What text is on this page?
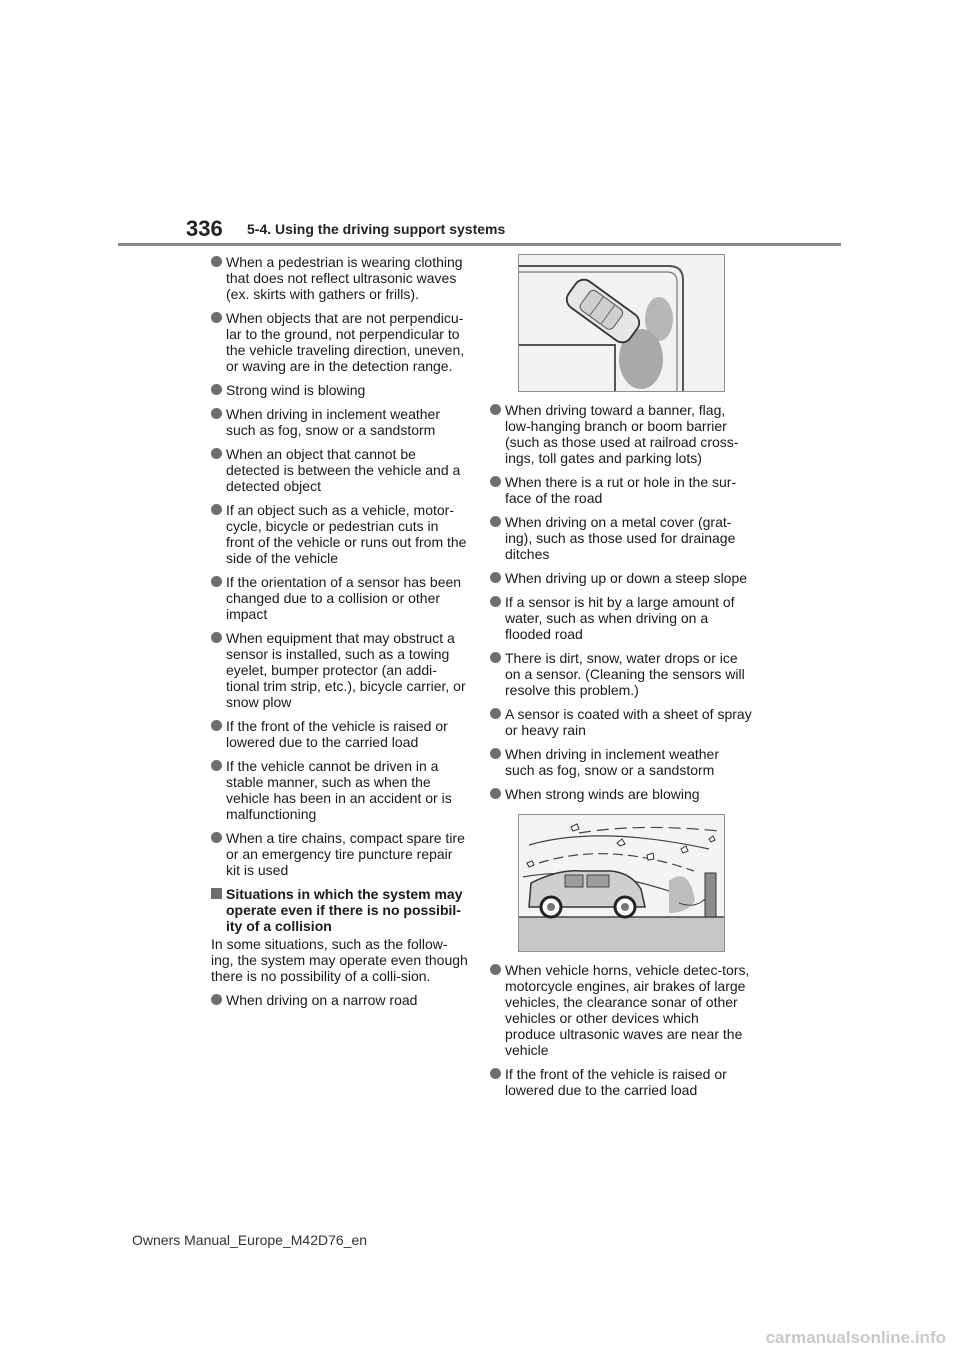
336 5-4. Using the driving support systems
When a pedestrian is wearing clothing that does not reflect ultrasonic waves (ex. skirts with gathers or frills).
When objects that are not perpendicu-lar to the ground, not perpendicular to the vehicle traveling direction, uneven, or waving are in the detection range.
Strong wind is blowing
When driving in inclement weather such as fog, snow or a sandstorm
When an object that cannot be detected is between the vehicle and a detected object
If an object such as a vehicle, motor-cycle, bicycle or pedestrian cuts in front of the vehicle or runs out from the side of the vehicle
If the orientation of a sensor has been changed due to a collision or other impact
When equipment that may obstruct a sensor is installed, such as a towing eyelet, bumper protector (an addi-tional trim strip, etc.), bicycle carrier, or snow plow
If the front of the vehicle is raised or lowered due to the carried load
If the vehicle cannot be driven in a stable manner, such as when the vehicle has been in an accident or is malfunctioning
When a tire chains, compact spare tire or an emergency tire puncture repair kit is used
Situations in which the system may operate even if there is no possibil-ity of a collision

In some situations, such as the follow-ing, the system may operate even though there is no possibility of a colli-sion.

When driving on a narrow road
When driving toward a banner, flag, low-hanging branch or boom barrier (such as those used at railroad cross-ings, toll gates and parking lots)
When there is a rut or hole in the sur-face of the road
When driving on a metal cover (grat-ing), such as those used for drainage ditches
When driving up or down a steep slope
If a sensor is hit by a large amount of water, such as when driving on a flooded road
There is dirt, snow, water drops or ice on a sensor. (Cleaning the sensors will resolve this problem.)
A sensor is coated with a sheet of spray or heavy rain
When driving in inclement weather such as fog, snow or a sandstorm
When strong winds are blowing
When vehicle horns, vehicle detec-tors, motorcycle engines, air brakes of large vehicles, the clearance sonar of other vehicles or other devices which produce ultrasonic waves are near the vehicle
If the front of the vehicle is raised or lowered due to the carried load
Owners Manual_Europe_M42D76_en
carmanualsonline.info
